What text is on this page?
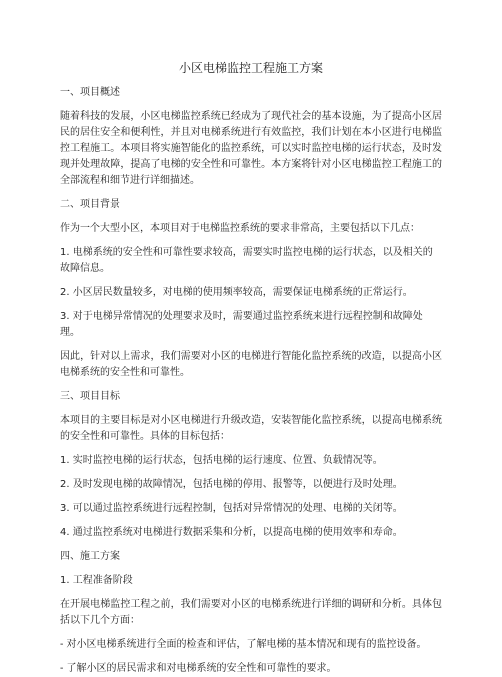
小区电梯监控工程施工方案
一、项目概述
随着科技的发展，小区电梯监控系统已经成为了现代社会的基本设施，为了提高小区居民的居住安全和便利性，并且对电梯系统进行有效监控，我们计划在本小区进行电梯监控工程施工。本项目将实施智能化的监控系统，可以实时监控电梯的运行状态，及时发现并处理故障，提高了电梯的安全性和可靠性。本方案将针对小区电梯监控工程施工的全部流程和细节进行详细描述。
二、项目背景
作为一个大型小区，本项目对于电梯监控系统的要求非常高，主要包括以下几点：
1. 电梯系统的安全性和可靠性要求较高，需要实时监控电梯的运行状态，以及相关的故障信息。
2. 小区居民数量较多，对电梯的使用频率较高，需要保证电梯系统的正常运行。
3. 对于电梯异常情况的处理要求及时，需要通过监控系统来进行远程控制和故障处理。
因此，针对以上需求，我们需要对小区的电梯进行智能化监控系统的改造，以提高小区电梯系统的安全性和可靠性。
三、项目目标
本项目的主要目标是对小区电梯进行升级改造，安装智能化监控系统，以提高电梯系统的安全性和可靠性。具体的目标包括：
1. 实时监控电梯的运行状态，包括电梯的运行速度、位置、负载情况等。
2. 及时发现电梯的故障情况，包括电梯的停用、报警等，以便进行及时处理。
3. 可以通过监控系统进行远程控制，包括对异常情况的处理、电梯的关闭等。
4. 通过监控系统对电梯进行数据采集和分析，以提高电梯的使用效率和寿命。
四、施工方案
1. 工程准备阶段
在开展电梯监控工程之前，我们需要对小区的电梯系统进行详细的调研和分析。具体包括以下几个方面：
- 对小区电梯系统进行全面的检查和评估，了解电梯的基本情况和现有的监控设备。
- 了解小区的居民需求和对电梯系统的安全性和可靠性的要求。
